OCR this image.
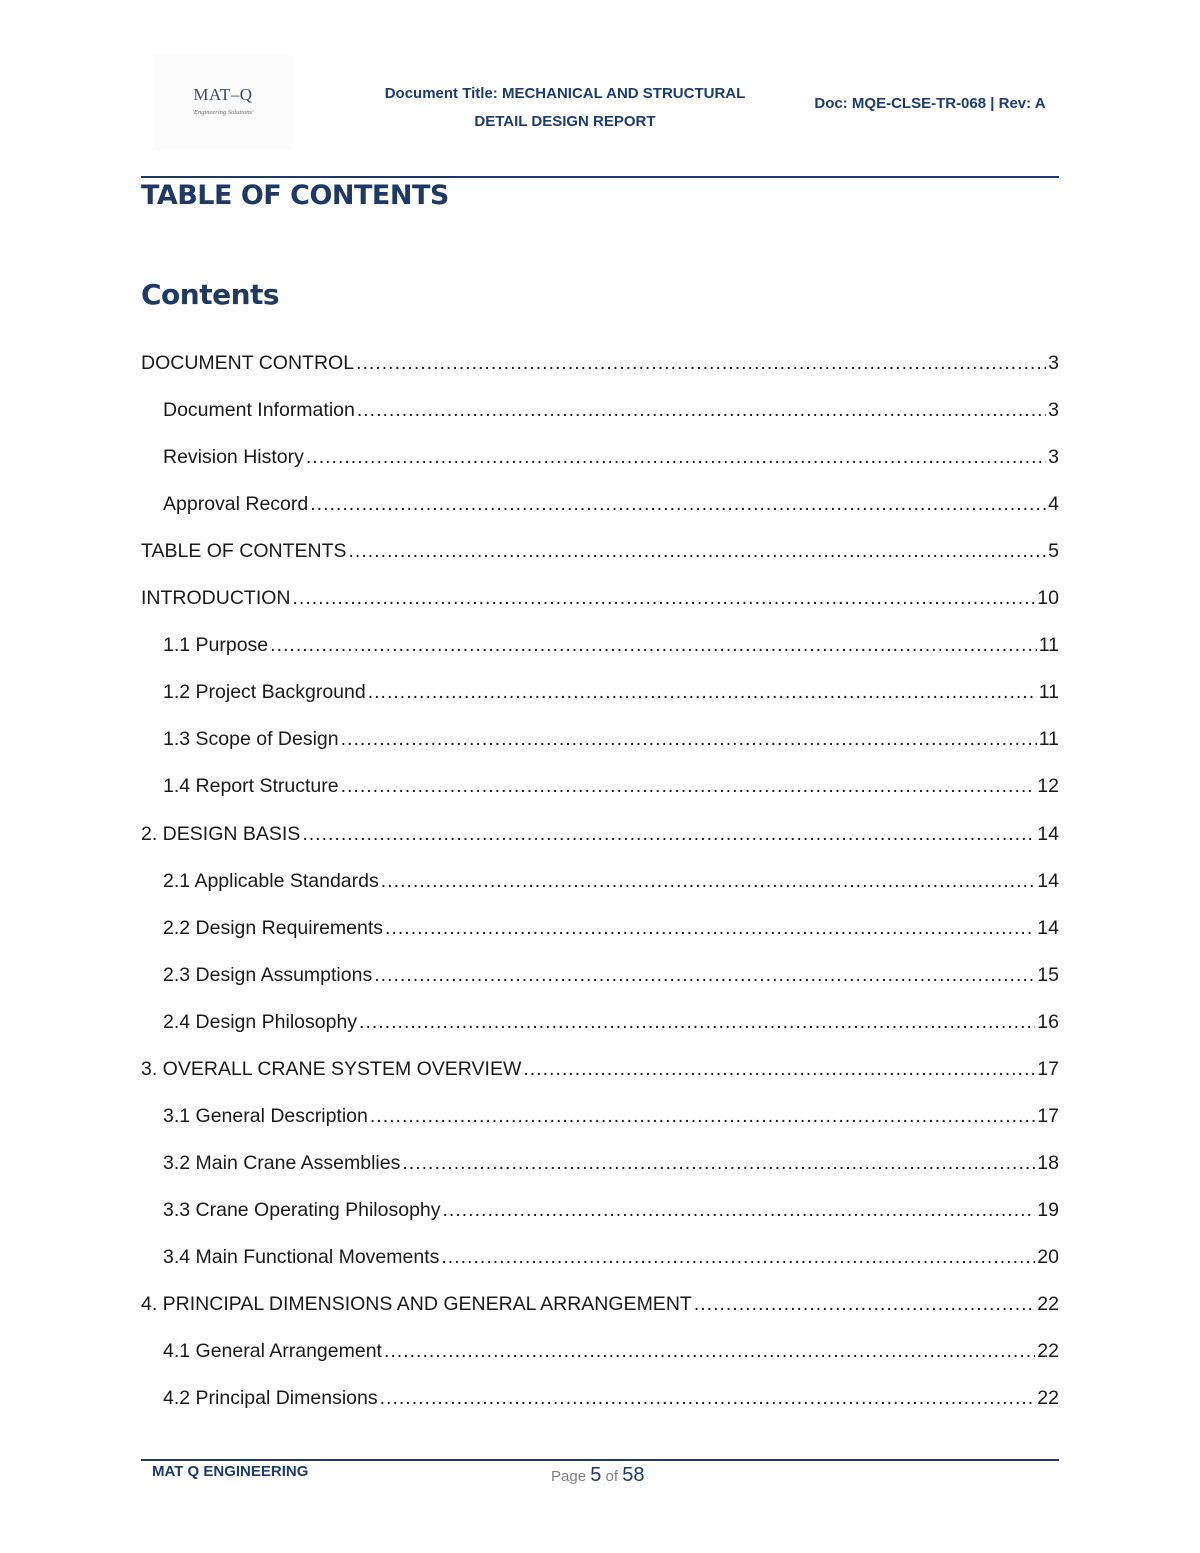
MAT–Q
'Engineering Solutions'
Document Title: MECHANICAL AND STRUCTURAL
DETAIL DESIGN REPORT
Doc: MQE-CLSE-TR-068 | Rev: A
TABLE OF CONTENTS
Contents
DOCUMENT CONTROL .....	3
Document Information .....	3
Revision History .....	3
Approval Record .....	4
TABLE OF CONTENTS .....	5
INTRODUCTION .....	10
1.1 Purpose .....	11
1.2 Project Background .....	11
1.3 Scope of Design .....	11
1.4 Report Structure .....	12
2. DESIGN BASIS .....	14
2.1 Applicable Standards .....	14
2.2 Design Requirements .....	14
2.3 Design Assumptions .....	15
2.4 Design Philosophy .....	16
3. OVERALL CRANE SYSTEM OVERVIEW .....	17
3.1 General Description .....	17
3.2 Main Crane Assemblies .....	18
3.3 Crane Operating Philosophy .....	19
3.4 Main Functional Movements .....	20
4. PRINCIPAL DIMENSIONS AND GENERAL ARRANGEMENT .....	22
4.1 General Arrangement .....	22
4.2 Principal Dimensions .....	22
MAT Q ENGINEERING	Page 5 of 58
